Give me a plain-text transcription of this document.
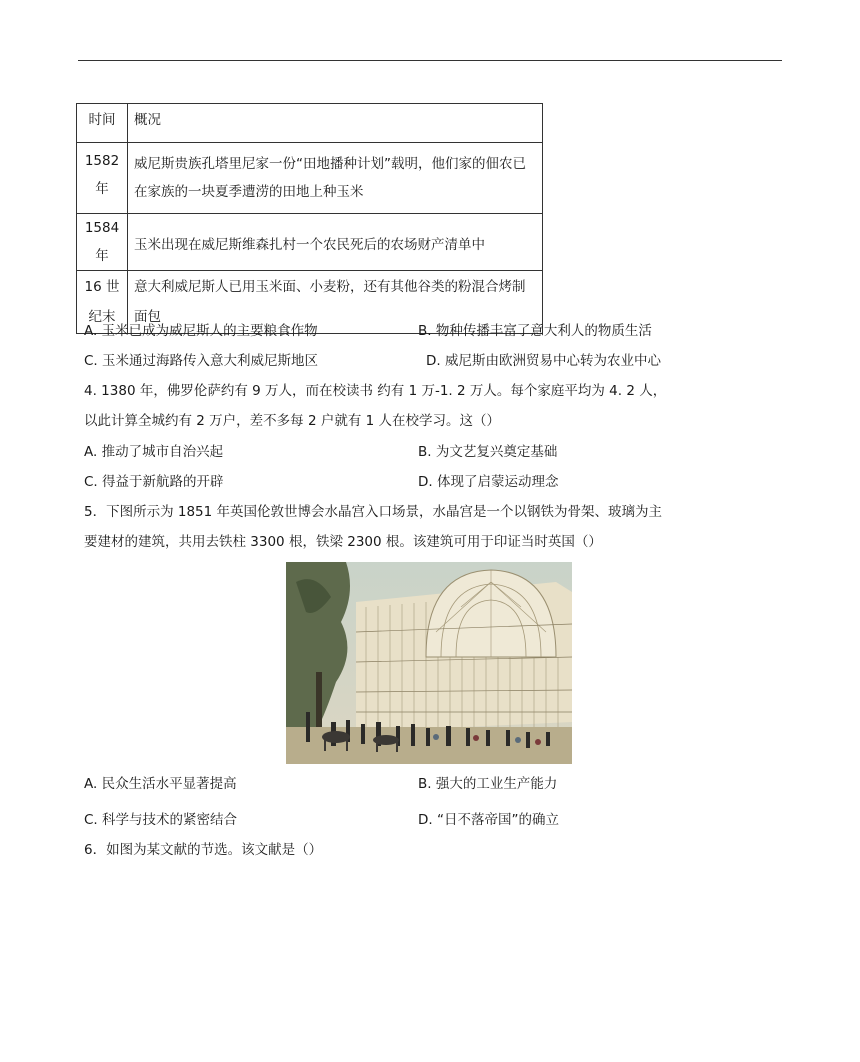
时间	概况
1582 年	威尼斯贵族孔塔里尼家一份“田地播种计划”载明，他们家的佃农已在家族的一块夏季遭涝的田地上种玉米
1584 年	玉米出现在威尼斯维森扎村一个农民死后的农场财产清单中
16 世纪末	意大利威尼斯人已用玉米面、小麦粉，还有其他谷类的粉混合烤制面包
A. 玉米已成为威尼斯人的主要粮食作物	B. 物种传播丰富了意大利人的物质生活
C. 玉米通过海路传入意大利威尼斯地区	D. 威尼斯由欧洲贸易中心转为农业中心
4. 1380 年，佛罗伦萨约有 9 万人，而在校读书 约有 1 万-1. 2 万人。每个家庭平均为 4. 2 人，
以此计算全城约有 2 万户，差不多每 2 户就有 1 人在校学习。这（）
A. 推动了城市自治兴起	B. 为文艺复兴奠定基础
C. 得益于新航路的开辟	D. 体现了启蒙运动理念
5．下图所示为 1851 年英国伦敦世博会水晶宫入口场景，水晶宫是一个以钢铁为骨架、玻璃为主
要建材的建筑，共用去铁柱 3300 根，铁梁 2300 根。该建筑可用于印证当时英国（）
A. 民众生活水平显著提高	B. 强大的工业生产能力
C. 科学与技术的紧密结合	D. “日不落帝国”的确立
6．如图为某文献的节选。该文献是（）
